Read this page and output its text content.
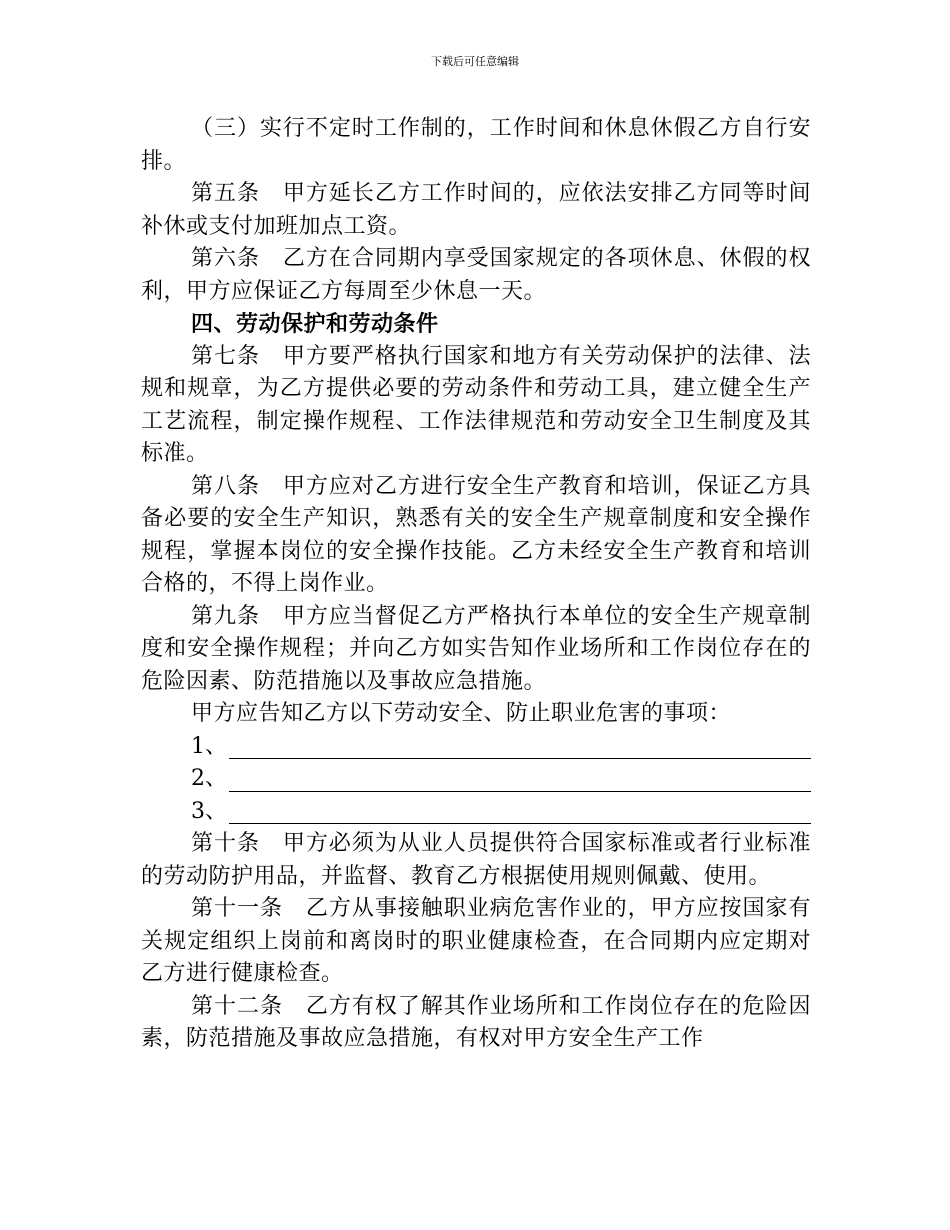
下载后可任意编辑

（三）实行不定时工作制的，工作时间和休息休假乙方自行安排。

第五条　甲方延长乙方工作时间的，应依法安排乙方同等时间补休或支付加班加点工资。

第六条　乙方在合同期内享受国家规定的各项休息、休假的权利，甲方应保证乙方每周至少休息一天。

四、劳动保护和劳动条件

第七条　甲方要严格执行国家和地方有关劳动保护的法律、法规和规章，为乙方提供必要的劳动条件和劳动工具，建立健全生产工艺流程，制定操作规程、工作法律规范和劳动安全卫生制度及其标准。

第八条　甲方应对乙方进行安全生产教育和培训，保证乙方具备必要的安全生产知识，熟悉有关的安全生产规章制度和安全操作规程，掌握本岗位的安全操作技能。乙方未经安全生产教育和培训合格的，不得上岗作业。

第九条　甲方应当督促乙方严格执行本单位的安全生产规章制度和安全操作规程；并向乙方如实告知作业场所和工作岗位存在的危险因素、防范措施以及事故应急措施。

甲方应告知乙方以下劳动安全、防止职业危害的事项：

1、
2、
3、

第十条　甲方必须为从业人员提供符合国家标准或者行业标准的劳动防护用品，并监督、教育乙方根据使用规则佩戴、使用。

第十一条　乙方从事接触职业病危害作业的，甲方应按国家有关规定组织上岗前和离岗时的职业健康检查，在合同期内应定期对乙方进行健康检查。

第十二条　乙方有权了解其作业场所和工作岗位存在的危险因素，防范措施及事故应急措施，有权对甲方安全生产工作
